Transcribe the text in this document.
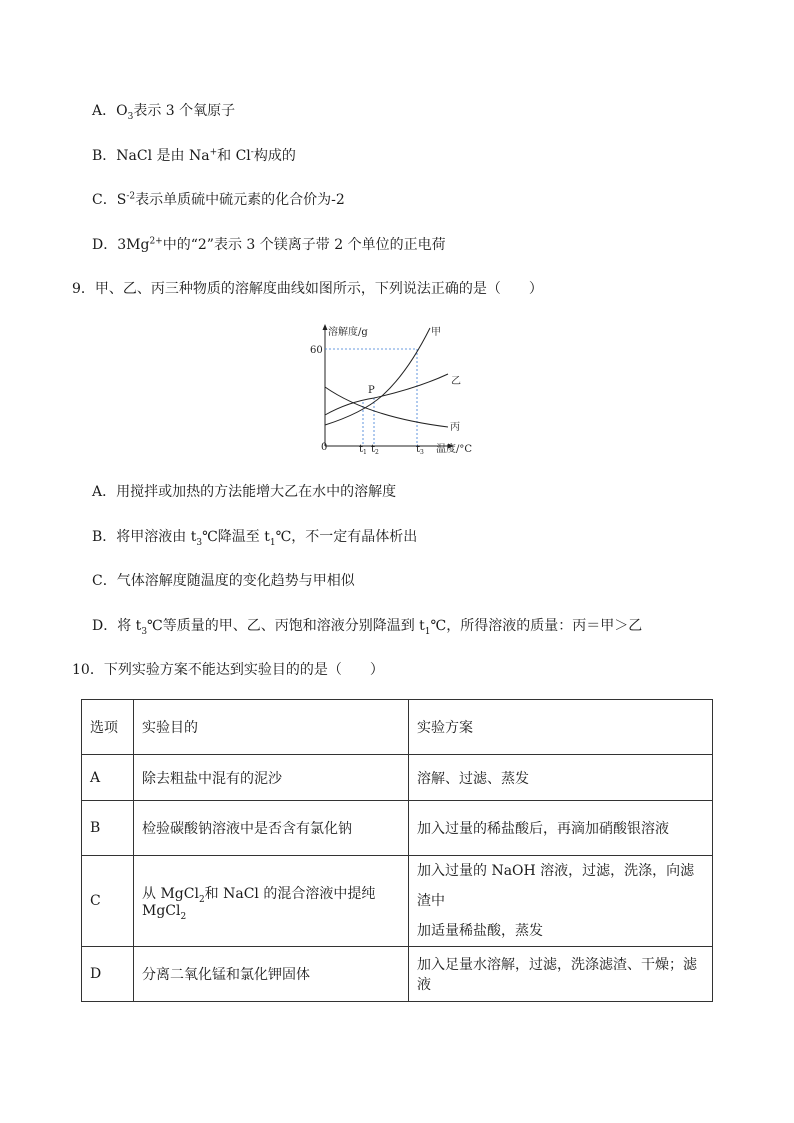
A．$O_3$表示 3 个氧原子
B．NaCl 是由 Na+和 Cl-构成的
C．$S^{-2}$表示单质硫中硫元素的化合价为-2
D．$3Mg^{2+}$中的“2”表示 3 个镁离子带 2 个单位的正电荷
9．甲、乙、丙三种物质的溶解度曲线如图所示，下列说法正确的是（　　）
溶解度/g
60
0	温度/°C
$t_1$ $t_2$	$t_3$
甲
乙
丙
P
A．用搅拌或加热的方法能增大乙在水中的溶解度
B．将甲溶液由 $t_3℃$降温至 $t_1℃$，不一定有晶体析出
C．气体溶解度随温度的变化趋势与甲相似
D．将 $t_3℃$等质量的甲、乙、丙饱和溶液分别降温到 $t_1℃$，所得溶液的质量：丙＝甲＞乙
10．下列实验方案不能达到实验目的的是（　　）
选项	实验目的	实验方案
A	除去粗盐中混有的泥沙	溶解、过滤、蒸发
B	检验碳酸钠溶液中是否含有氯化钠	加入过量的稀盐酸后，再滴加硝酸银溶液
C	从 MgCl$_2$和 NaCl 的混合溶液中提纯 MgCl$_2$	加入过量的 NaOH 溶液，过滤，洗涤，向滤渣中
加适量稀盐酸，蒸发

D	分离二氧化锰和氯化钾固体	加入足量水溶解，过滤，洗涤滤渣、干燥；滤液
